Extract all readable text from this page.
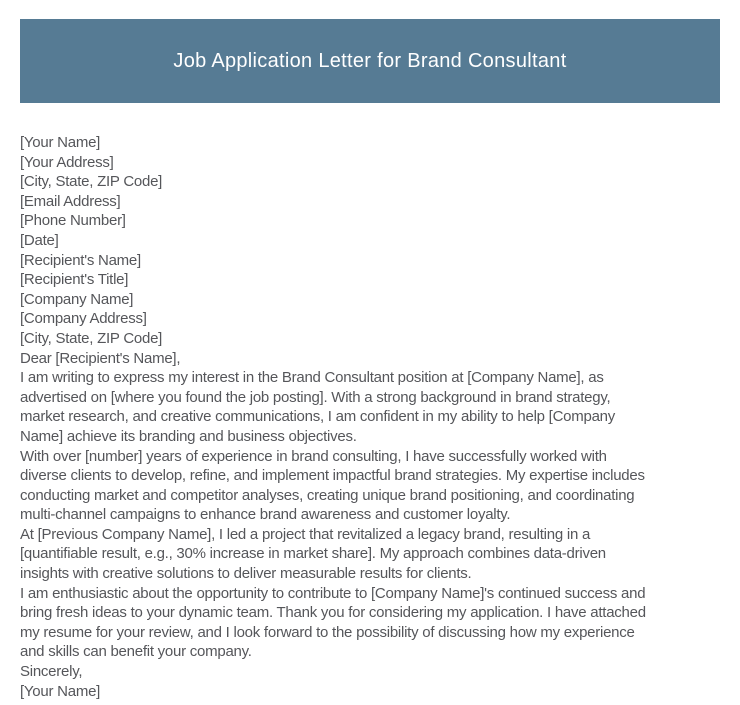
Job Application Letter for Brand Consultant
[Your Name]
[Your Address]
[City, State, ZIP Code]
[Email Address]
[Phone Number]
[Date]
[Recipient's Name]
[Recipient's Title]
[Company Name]
[Company Address]
[City, State, ZIP Code]
Dear [Recipient's Name],
I am writing to express my interest in the Brand Consultant position at [Company Name], as
advertised on [where you found the job posting]. With a strong background in brand strategy,
market research, and creative communications, I am confident in my ability to help [Company
Name] achieve its branding and business objectives.
With over [number] years of experience in brand consulting, I have successfully worked with
diverse clients to develop, refine, and implement impactful brand strategies. My expertise includes
conducting market and competitor analyses, creating unique brand positioning, and coordinating
multi-channel campaigns to enhance brand awareness and customer loyalty.
At [Previous Company Name], I led a project that revitalized a legacy brand, resulting in a
[quantifiable result, e.g., 30% increase in market share]. My approach combines data-driven
insights with creative solutions to deliver measurable results for clients.
I am enthusiastic about the opportunity to contribute to [Company Name]'s continued success and
bring fresh ideas to your dynamic team. Thank you for considering my application. I have attached
my resume for your review, and I look forward to the possibility of discussing how my experience
and skills can benefit your company.
Sincerely,
[Your Name]
